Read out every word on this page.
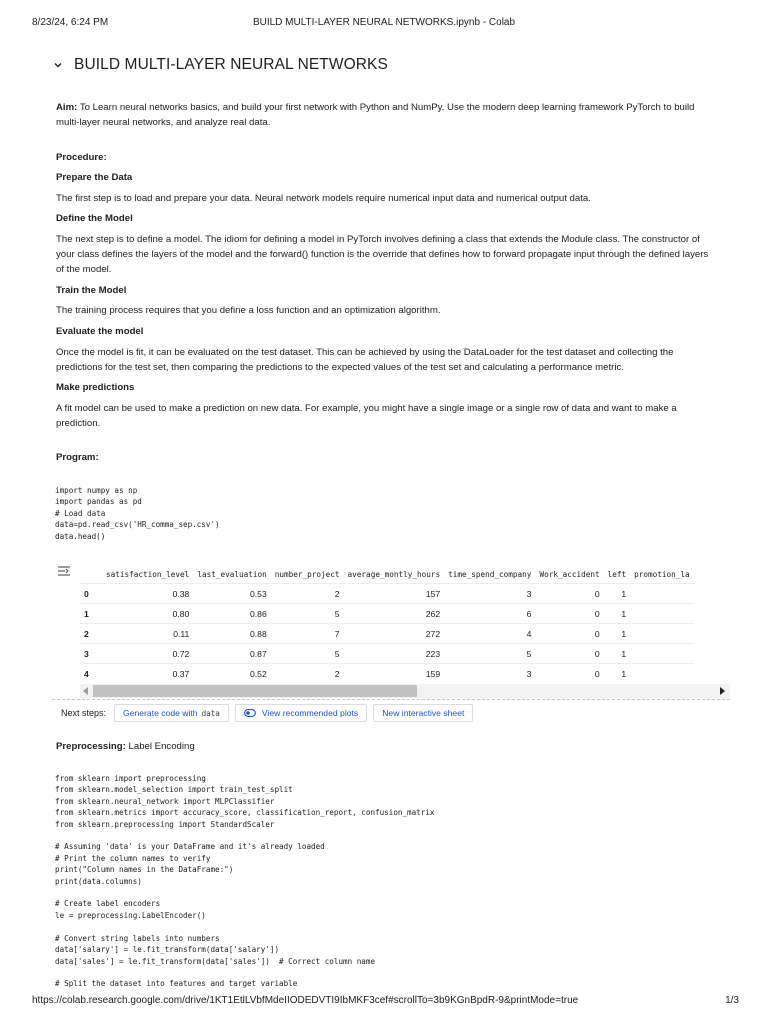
8/23/24, 6:24 PM	BUILD MULTI-LAYER NEURAL NETWORKS.ipynb - Colab
BUILD MULTI-LAYER NEURAL NETWORKS
Aim: To Learn neural networks basics, and build your first network with Python and NumPy. Use the modern deep learning framework PyTorch to build multi-layer neural networks, and analyze real data.
Procedure:
Prepare the Data
The first step is to load and prepare your data. Neural network models require numerical input data and numerical output data.
Define the Model
The next step is to define a model. The idiom for defining a model in PyTorch involves defining a class that extends the Module class. The constructor of your class defines the layers of the model and the forward() function is the override that defines how to forward propagate input through the defined layers of the model.
Train the Model
The training process requires that you define a loss function and an optimization algorithm.
Evaluate the model
Once the model is fit, it can be evaluated on the test dataset. This can be achieved by using the DataLoader for the test dataset and collecting the predictions for the test set, then comparing the predictions to the expected values of the test set and calculating a performance metric.
Make predictions
A fit model can be used to make a prediction on new data. For example, you might have a single image or a single row of data and want to make a prediction.
Program:
import numpy as np
import pandas as pd
# Load data
data=pd.read_csv('HR_comma_sep.csv')
data.head()
	satisfaction_level	last_evaluation	number_project	average_montly_hours	time_spend_company	Work_accident	left	promotion_la
0	0.38	0.53	2	157	3	0	1	
1	0.80	0.86	5	262	6	0	1	
2	0.11	0.88	7	272	4	0	1	
3	0.72	0.87	5	223	5	0	1	
4	0.37	0.52	2	159	3	0	1	
Next steps: Generate code with data	View recommended plots	New interactive sheet
Preprocessing: Label Encoding
from sklearn import preprocessing
from sklearn.model_selection import train_test_split
from sklearn.neural_network import MLPClassifier
from sklearn.metrics import accuracy_score, classification_report, confusion_matrix
from sklearn.preprocessing import StandardScaler

# Assuming 'data' is your DataFrame and it's already loaded
# Print the column names to verify
print("Column names in the DataFrame:")
print(data.columns)

# Create label encoders
le = preprocessing.LabelEncoder()

# Convert string labels into numbers
data['salary'] = le.fit_transform(data['salary'])
data['sales'] = le.fit_transform(data['sales'])  # Correct column name

# Split the dataset into features and target variable
https://colab.research.google.com/drive/1KT1EtlLVbfMdeIIODEDVTI9IbMKF3cef#scrollTo=3b9KGnBpdR-9&printMode=true	1/3
